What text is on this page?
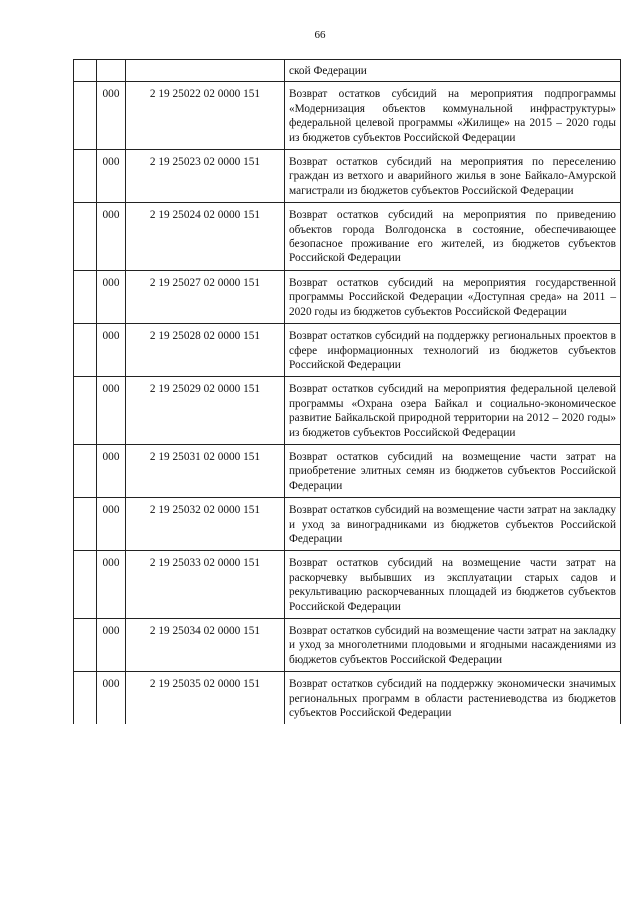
66
			ской Федерации
	000	2 19 25022 02 0000 151	Возврат остатков субсидий на мероприятия подпрограммы «Модернизация объектов коммунальной инфраструктуры» федеральной целевой программы «Жилище» на 2015 – 2020 годы из бюджетов субъектов Российской Федерации
	000	2 19 25023 02 0000 151	Возврат остатков субсидий на мероприятия по переселению граждан из ветхого и аварийного жилья в зоне Байкало-Амурской магистрали из бюджетов субъектов Российской Федерации
	000	2 19 25024 02 0000 151	Возврат остатков субсидий на мероприятия по приведению объектов города Волгодонска в состояние, обеспечивающее безопасное проживание его жителей, из бюджетов субъектов Российской Федерации
	000	2 19 25027 02 0000 151	Возврат остатков субсидий на мероприятия государственной программы Российской Федерации «Доступная среда» на 2011 – 2020 годы из бюджетов субъектов Российской Федерации
	000	2 19 25028 02 0000 151	Возврат остатков субсидий на поддержку региональных проектов в сфере информационных технологий из бюджетов субъектов Российской Федерации
	000	2 19 25029 02 0000 151	Возврат остатков субсидий на мероприятия федеральной целевой программы «Охрана озера Байкал и социально-экономическое развитие Байкальской природной территории на 2012 – 2020 годы» из бюджетов субъектов Российской Федерации
	000	2 19 25031 02 0000 151	Возврат остатков субсидий на возмещение части затрат на приобретение элитных семян из бюджетов субъектов Российской Федерации
	000	2 19 25032 02 0000 151	Возврат остатков субсидий на возмещение части затрат на закладку и уход за виноградниками из бюджетов субъектов Российской Федерации
	000	2 19 25033 02 0000 151	Возврат остатков субсидий на возмещение части затрат на раскорчевку выбывших из эксплуатации старых садов и рекультивацию раскорчеванных площадей из бюджетов субъектов Российской Федерации
	000	2 19 25034 02 0000 151	Возврат остатков субсидий на возмещение части затрат на закладку и уход за многолетними плодовыми и ягодными насаждениями из бюджетов субъектов Российской Федерации
	000	2 19 25035 02 0000 151	Возврат остатков субсидий на поддержку экономически значимых региональных программ в области растениеводства из бюджетов субъектов Российской Федерации
